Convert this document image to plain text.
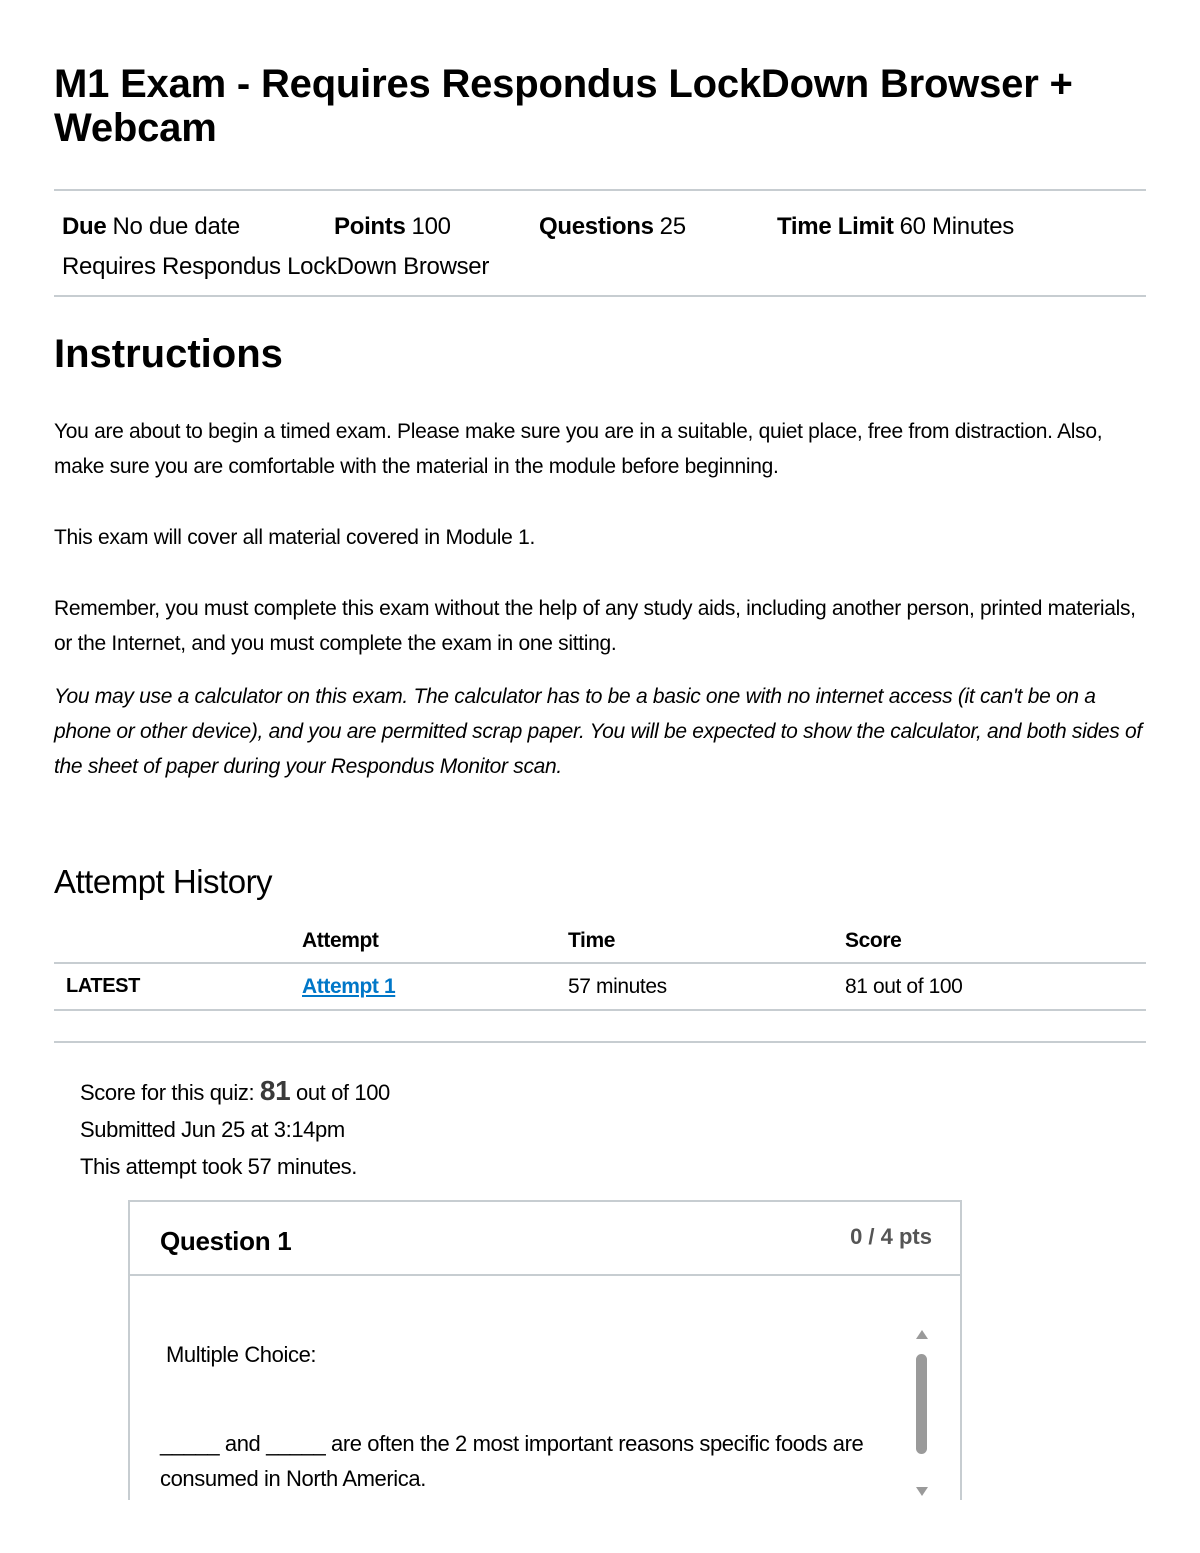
M1 Exam - Requires Respondus LockDown Browser +
Webcam
Due No due date	Points 100	Questions 25	Time Limit 60 Minutes
Requires Respondus LockDown Browser
Instructions

You are about to begin a timed exam. Please make sure you are in a suitable, quiet place, free from distraction. Also, make sure you are comfortable with the material in the module before beginning.

This exam will cover all material covered in Module 1.

Remember, you must complete this exam without the help of any study aids, including another person, printed materials, or the Internet, and you must complete the exam in one sitting.

You may use a calculator on this exam. The calculator has to be a basic one with no internet access (it can't be on a phone or other device), and you are permitted scrap paper. You will be expected to show the calculator, and both sides of the sheet of paper during your Respondus Monitor scan.

Attempt History
	Attempt	Time	Score
LATEST	Attempt 1	57 minutes	81 out of 100
Score for this quiz: 81 out of 100
Submitted Jun 25 at 3:14pm
This attempt took 57 minutes.
Question 1	0 / 4 pts
Multiple Choice:
_____ and _____ are often the 2 most important reasons specific foods are consumed in North America.
